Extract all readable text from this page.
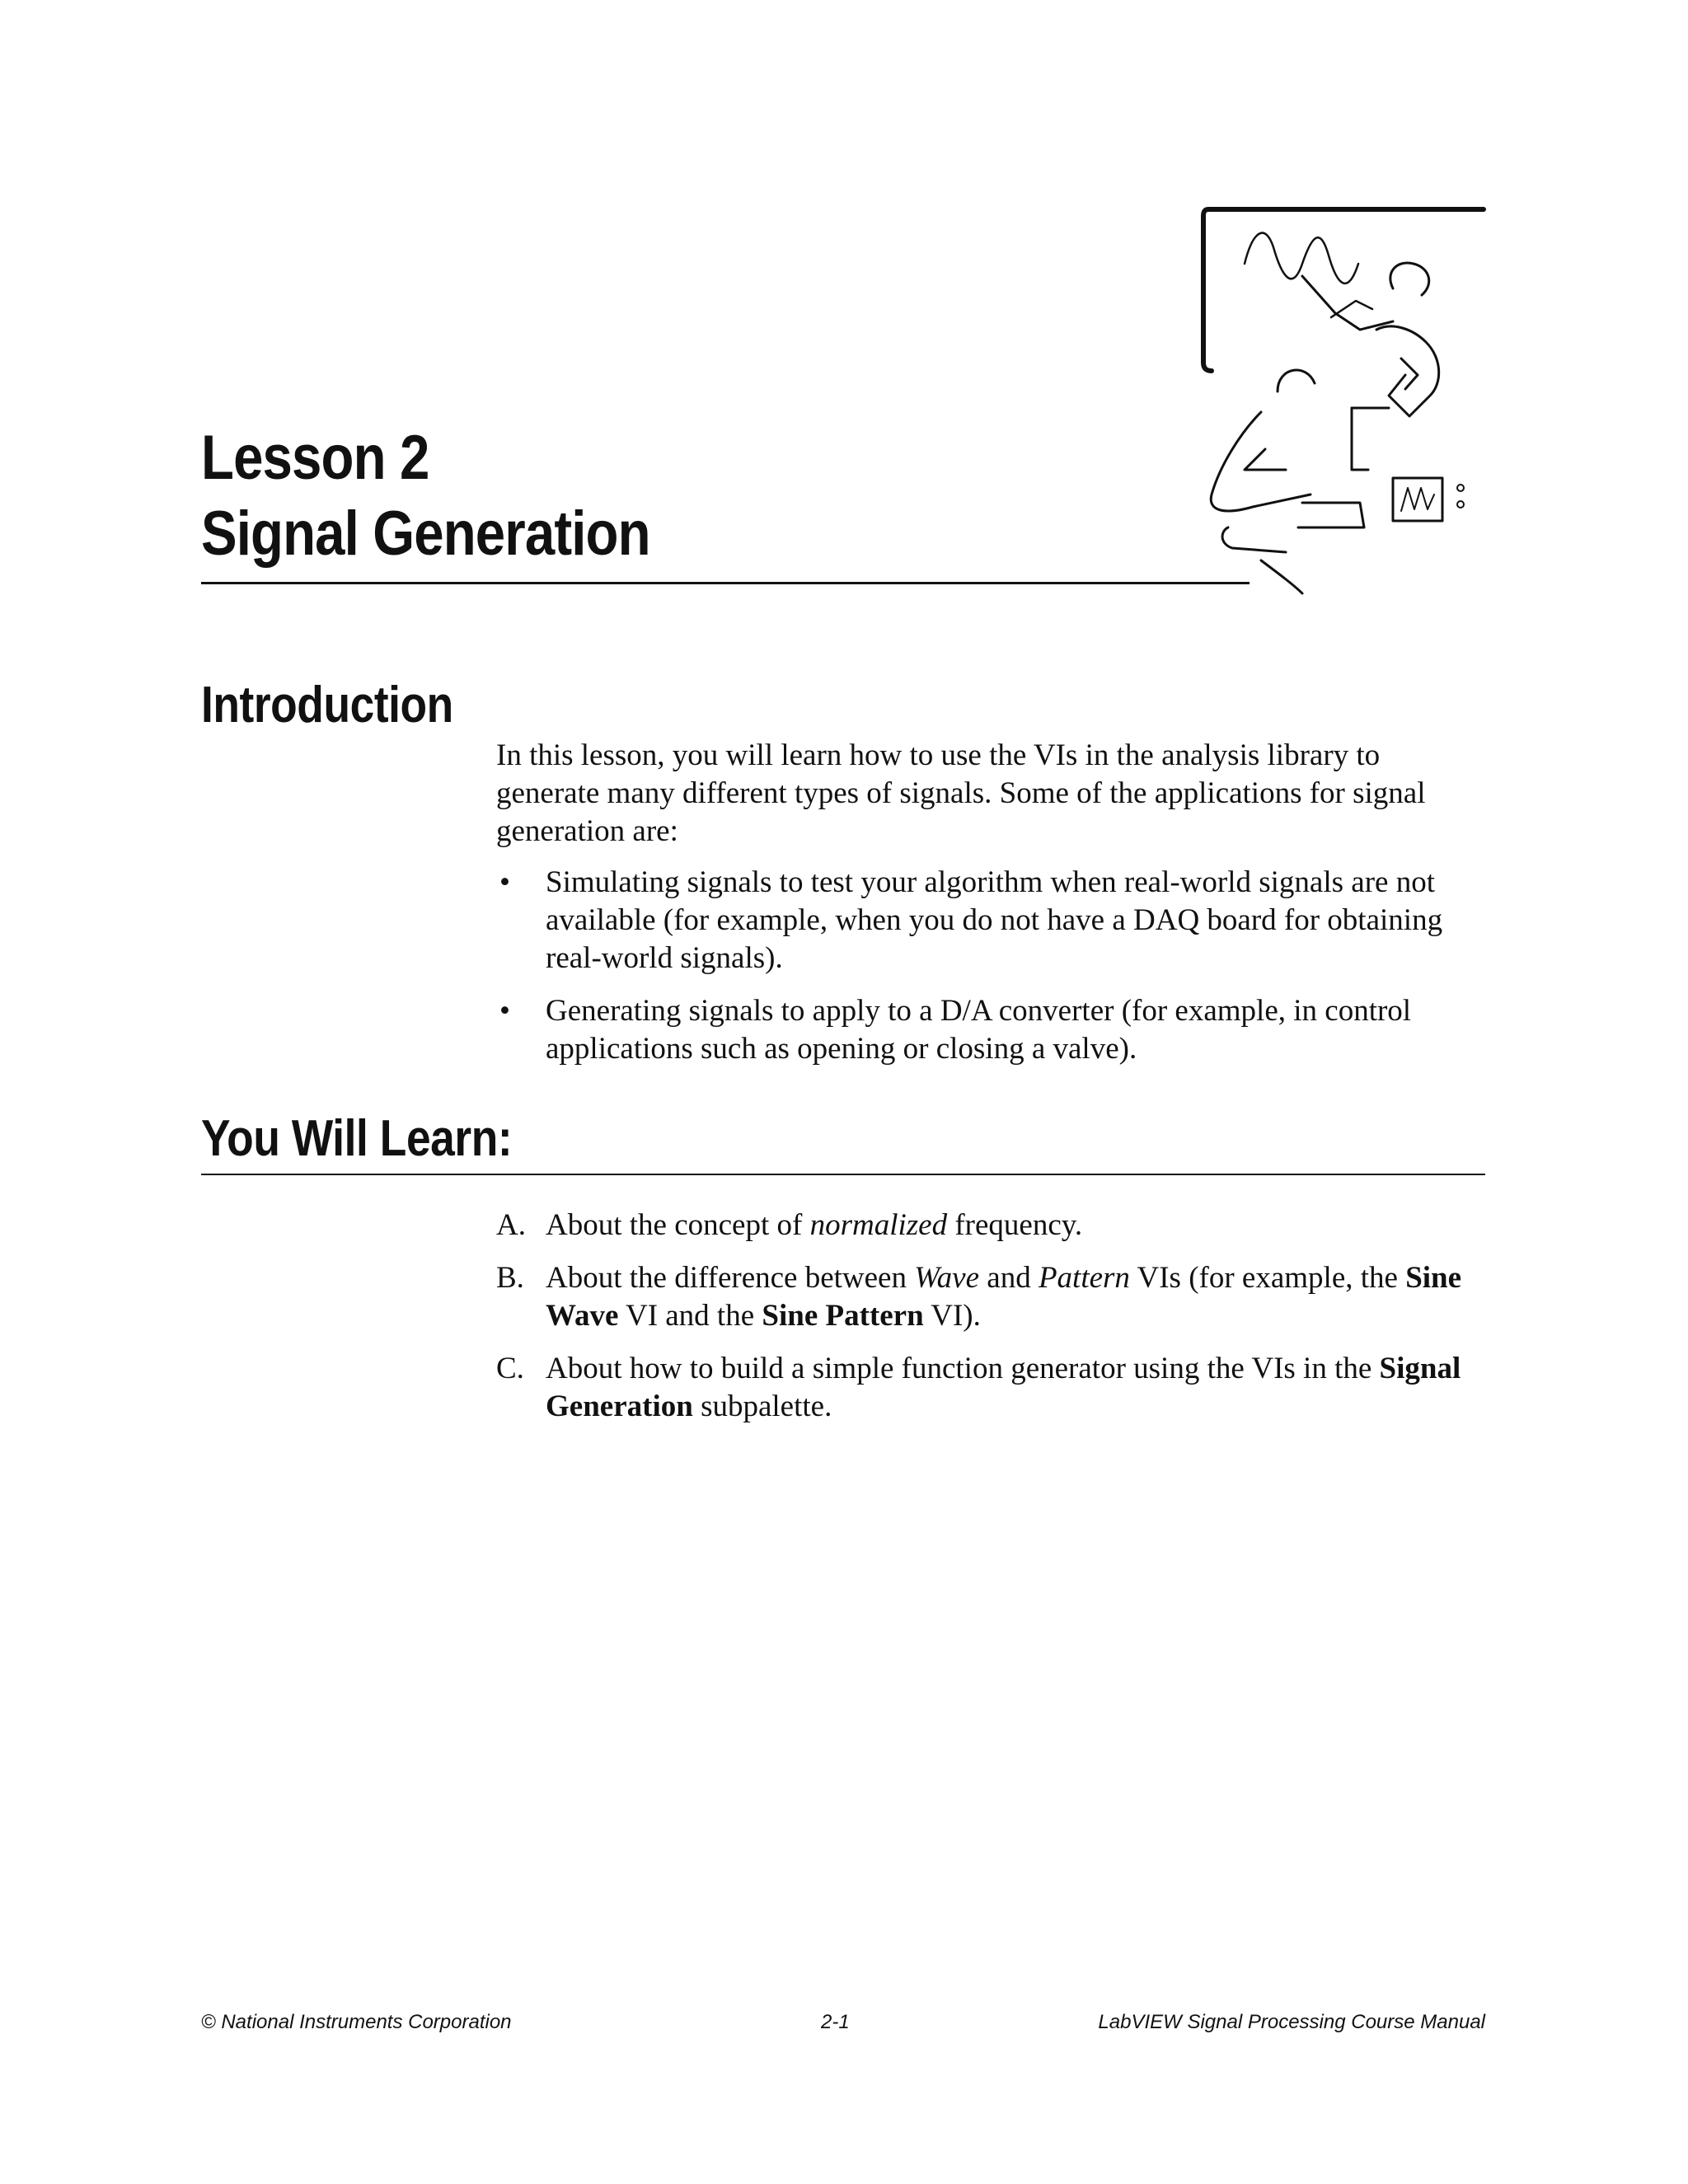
Lesson 2
Signal Generation
Introduction

In this lesson, you will learn how to use the VIs in the analysis library to generate many different types of signals. Some of the applications for signal generation are:

• Simulating signals to test your algorithm when real-world signals are not available (for example, when you do not have a DAQ board for obtaining real-world signals).
• Generating signals to apply to a D/A converter (for example, in control applications such as opening or closing a valve).
You Will Learn:
A. About the concept of normalized frequency.
B. About the difference between Wave and Pattern VIs (for example, the Sine Wave VI and the Sine Pattern VI).
C. About how to build a simple function generator using the VIs in the Signal Generation subpalette.
© National Instruments Corporation	2-1	LabVIEW Signal Processing Course Manual
